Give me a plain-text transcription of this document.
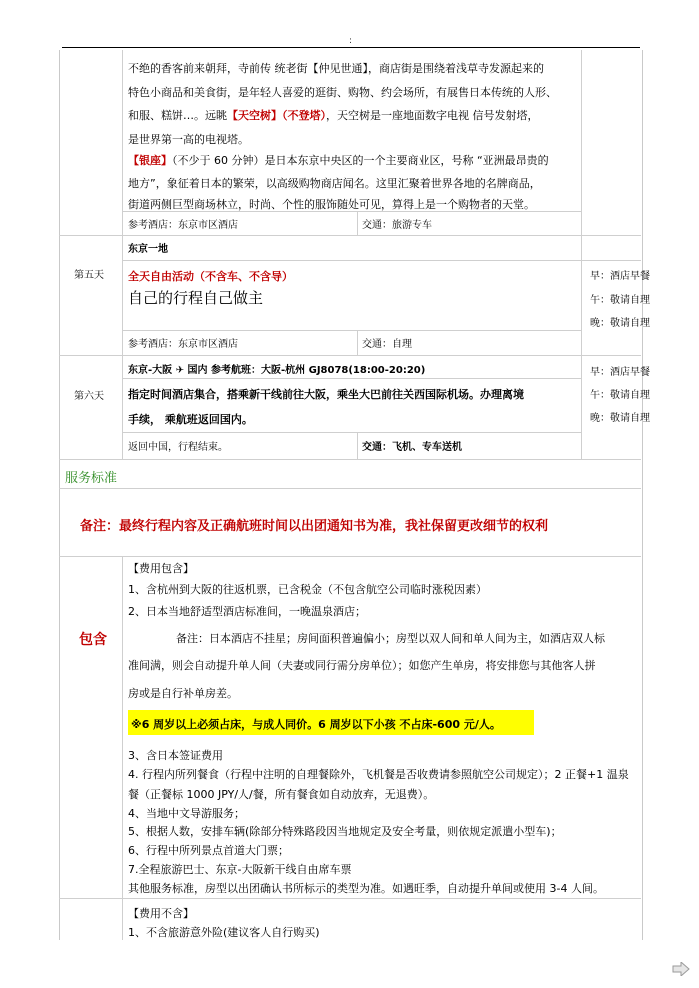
:
不绝的香客前来朝拜，寺前传 统老街【仲见世通】，商店街是围绕着浅草寺发源起来的
特色小商品和美食街，是年轻人喜爱的逛街、购物、约会场所，有展售日本传统的人形、
和服、糕饼…。远眺【天空树】（不登塔），天空树是一座地面数字电视 信号发射塔，
是世界第一高的电视塔。
【银座】（不少于 60 分钟）是日本东京中央区的一个主要商业区，号称 “亚洲最昂贵的
地方”，象征着日本的繁荣，以高级购物商店闻名。这里汇聚着世界各地的名牌商品，
街道两侧巨型商场林立，时尚、个性的服饰随处可见，算得上是一个购物者的天堂。
参考酒店：东京市区酒店	交通：旅游专车
第五天
东京一地
全天自由活动（不含车、不含导）
自己的行程自己做主
早：酒店早餐
午：敬请自理
晚：敬请自理
参考酒店：东京市区酒店	交通：自理
第六天
东京-大阪 ✈ 国内 参考航班：大阪-杭州 GJ8078(18:00-20:20)
指定时间酒店集合，搭乘新干线前往大阪，乘坐大巴前往关西国际机场。办理离境
手续， 乘航班返回国内。
早：酒店早餐
午：敬请自理
晚：敬请自理
返回中国，行程结束。	交通：飞机、专车送机
服务标准
备注：最终行程内容及正确航班时间以出团通知书为准，我社保留更改细节的权利
包含
【费用包含】
1、含杭州到大阪的往返机票，已含税金（不包含航空公司临时涨税因素）
2、日本当地舒适型酒店标准间，一晚温泉酒店；
备注：日本酒店不挂星；房间面积普遍偏小；房型以双人间和单人间为主，如酒店双人标
准间满，则会自动提升单人间（夫妻或同行需分房单位）；如您产生单房，将安排您与其他客人拼
房或是自行补单房差。
※6 周岁以上必须占床，与成人同价。6 周岁以下小孩 不占床-600 元/人。
3、含日本签证费用
4. 行程内所列餐食（行程中注明的自理餐除外，飞机餐是否收费请参照航空公司规定）；2 正餐+1 温泉
餐（正餐标 1000 JPY/人/餐，所有餐食如自动放弃，无退费）。
4、当地中文导游服务；
5、根据人数，安排车辆(除部分特殊路段因当地规定及安全考量，则依规定派遣小型车)；
6、行程中所列景点首道大门票；
7.全程旅游巴士、东京-大阪新干线自由席车票
其他服务标准，房型以出团确认书所标示的类型为准。如遇旺季，自动提升单间或使用 3-4 人间。
【费用不含】
1、不含旅游意外险(建议客人自行购买)
